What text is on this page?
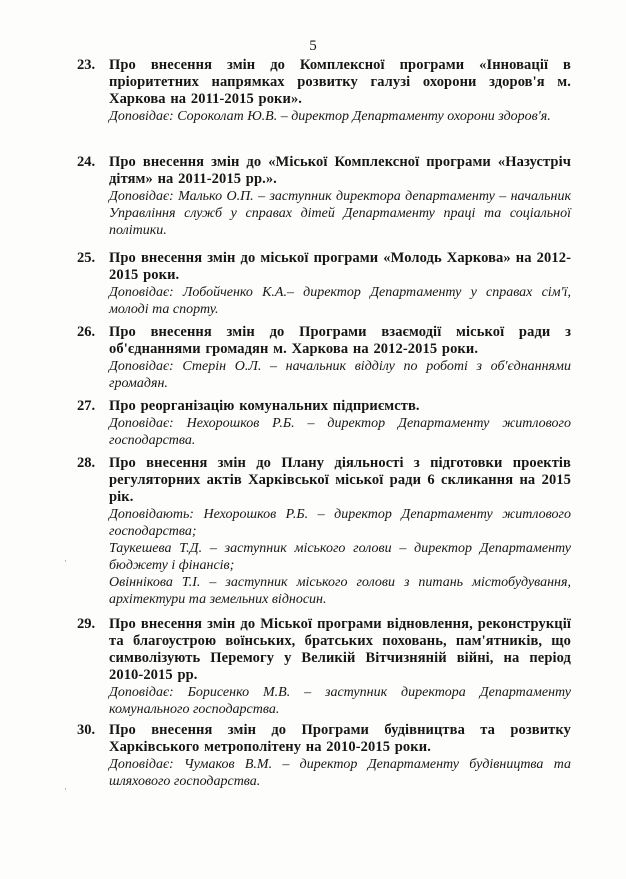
5
23. Про внесення змін до Комплексної програми «Інновації в пріоритетних напрямках розвитку галузі охорони здоров'я м. Харкова на 2011-2015 роки».
Доповідає: Сороколат Ю.В. – директор Департаменту охорони здоров'я.
24. Про внесення змін до «Міської Комплексної програми «Назустріч дітям» на 2011-2015 рр.».
Доповідає: Малько О.П. – заступник директора департаменту – начальник Управління служб у справах дітей Департаменту праці та соціальної політики.
25. Про внесення змін до міської програми «Молодь Харкова» на 2012-2015 роки.
Доповідає: Лобойченко К.А.– директор Департаменту у справах сім'ї, молоді та спорту.
26. Про внесення змін до Програми взаємодії міської ради з об'єднаннями громадян м. Харкова на 2012-2015 роки.
Доповідає: Стерін О.Л. – начальник відділу по роботі з об'єднаннями громадян.
27. Про реорганізацію комунальних підприємств.
Доповідає: Нехорошков Р.Б. – директор Департаменту житлового господарства.
28. Про внесення змін до Плану діяльності з підготовки проектів регуляторних актів Харківської міської ради 6 скликання на 2015 рік.
Доповідають: Нехорошков Р.Б. – директор Департаменту житлового господарства;
Таукешева Т.Д. – заступник міського голови – директор Департаменту бюджету і фінансів;
Овіннікова Т.І. – заступник міського голови з питань містобудування, архітектури та земельних відносин.
29. Про внесення змін до Міської програми відновлення, реконструкції та благоустрою воїнських, братських поховань, пам'ятників, що символізують Перемогу у Великій Вітчизняній війні, на період 2010-2015 рр.
Доповідає: Борисенко М.В. – заступник директора Департаменту комунального господарства.
30. Про внесення змін до Програми будівництва та розвитку Харківського метрополітену на 2010-2015 роки.
Доповідає: Чумаков В.М. – директор Департаменту будівництва та шляхового господарства.
·
·
